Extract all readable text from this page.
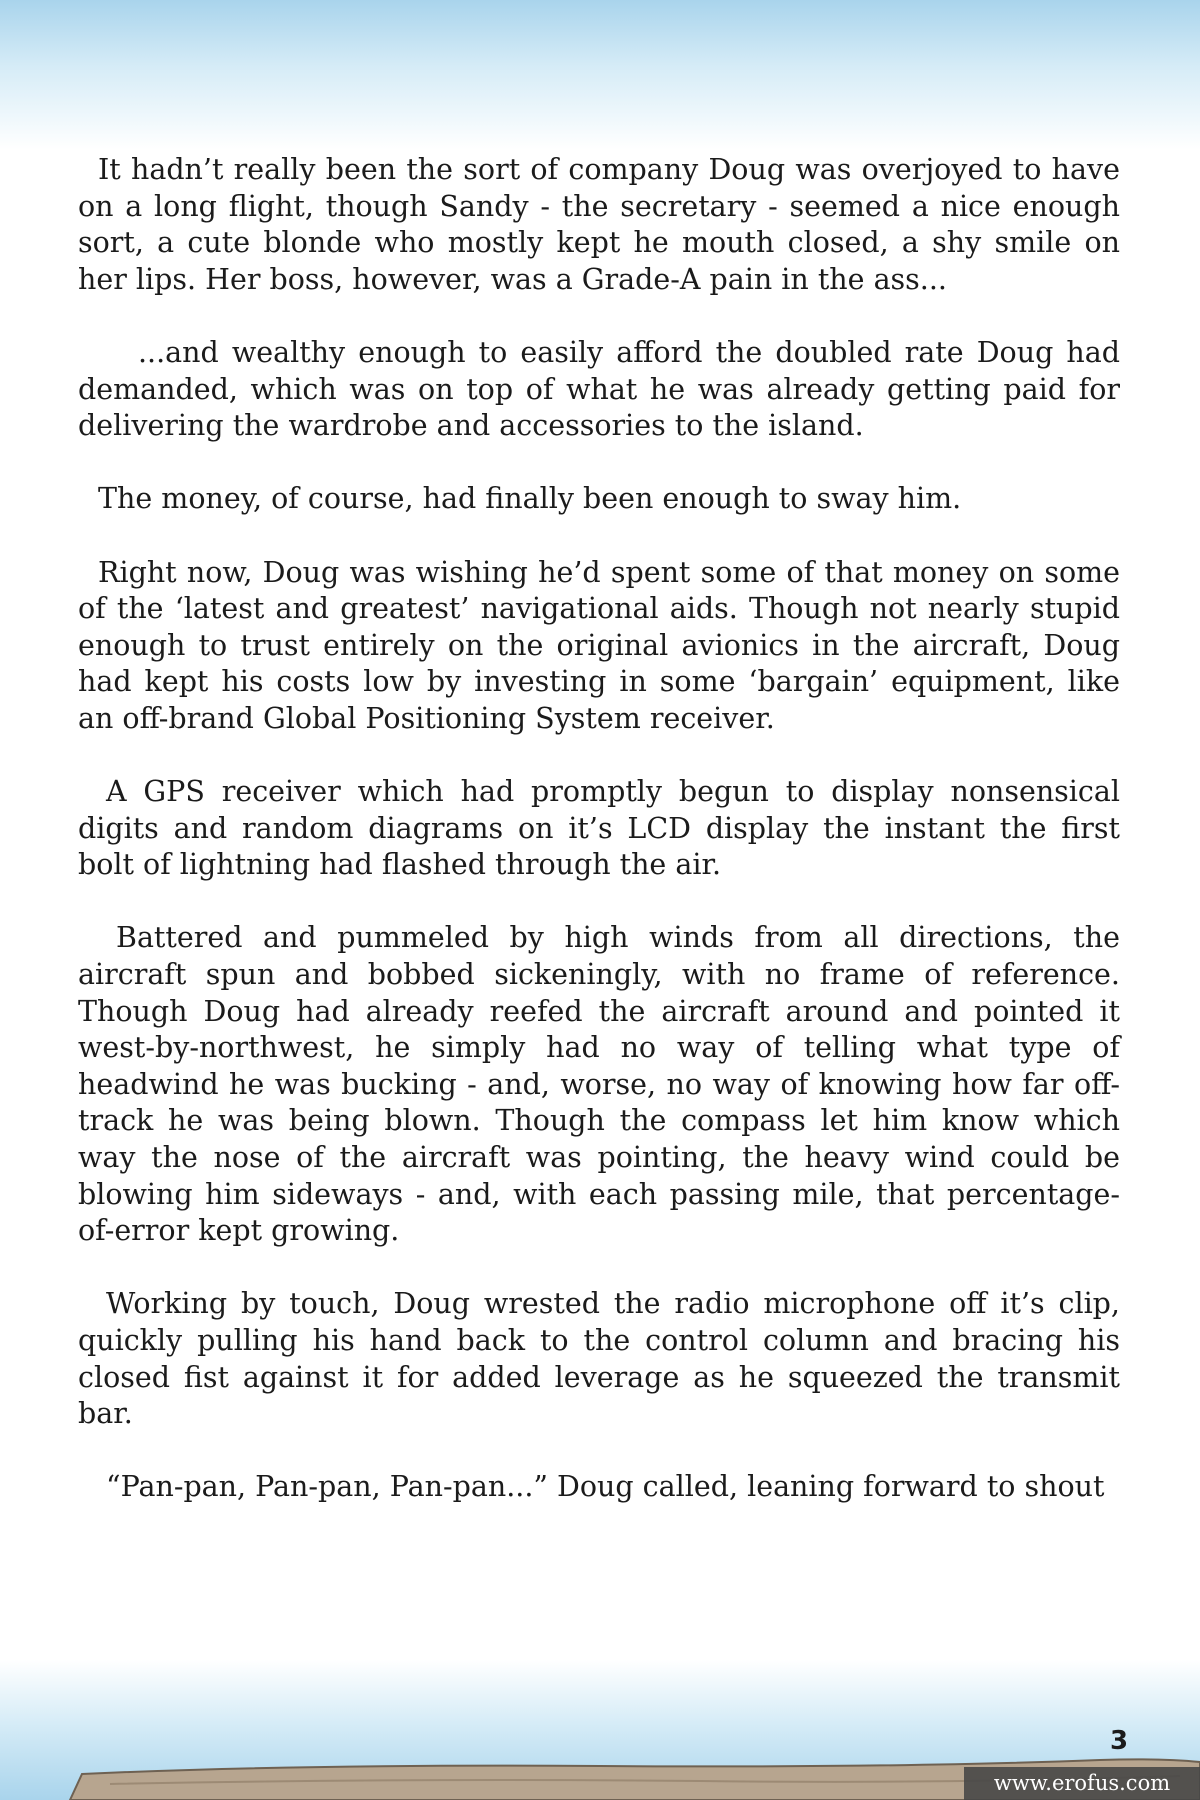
It hadn’t really been the sort of company Doug was overjoyed to have on a long flight, though Sandy - the secretary - seemed a nice enough sort, a cute blonde who mostly kept he mouth closed, a shy smile on her lips. Her boss, however, was a Grade-A pain in the ass...

...and wealthy enough to easily afford the doubled rate Doug had demanded, which was on top of what he was already getting paid for delivering the wardrobe and accessories to the island.

The money, of course, had finally been enough to sway him.

Right now, Doug was wishing he’d spent some of that money on some of the ‘latest and greatest’ navigational aids. Though not nearly stupid enough to trust entirely on the original avionics in the aircraft, Doug had kept his costs low by investing in some ‘bargain’ equipment, like an off-brand Global Positioning System receiver.

A GPS receiver which had promptly begun to display nonsensical digits and random diagrams on it’s LCD display the instant the first bolt of lightning had flashed through the air.

Battered and pummeled by high winds from all directions, the aircraft spun and bobbed sickeningly, with no frame of reference. Though Doug had already reefed the aircraft around and pointed it west-by-northwest, he simply had no way of telling what type of headwind he was bucking - and, worse, no way of knowing how far off-track he was being blown. Though the compass let him know which way the nose of the aircraft was pointing, the heavy wind could be blowing him sideways - and, with each passing mile, that percentage-of-error kept growing.

Working by touch, Doug wrested the radio microphone off it’s clip, quickly pulling his hand back to the control column and bracing his closed fist against it for added leverage as he squeezed the transmit bar.

“Pan-pan, Pan-pan, Pan-pan...” Doug called, leaning forward to shout

3
www.erofus.com
